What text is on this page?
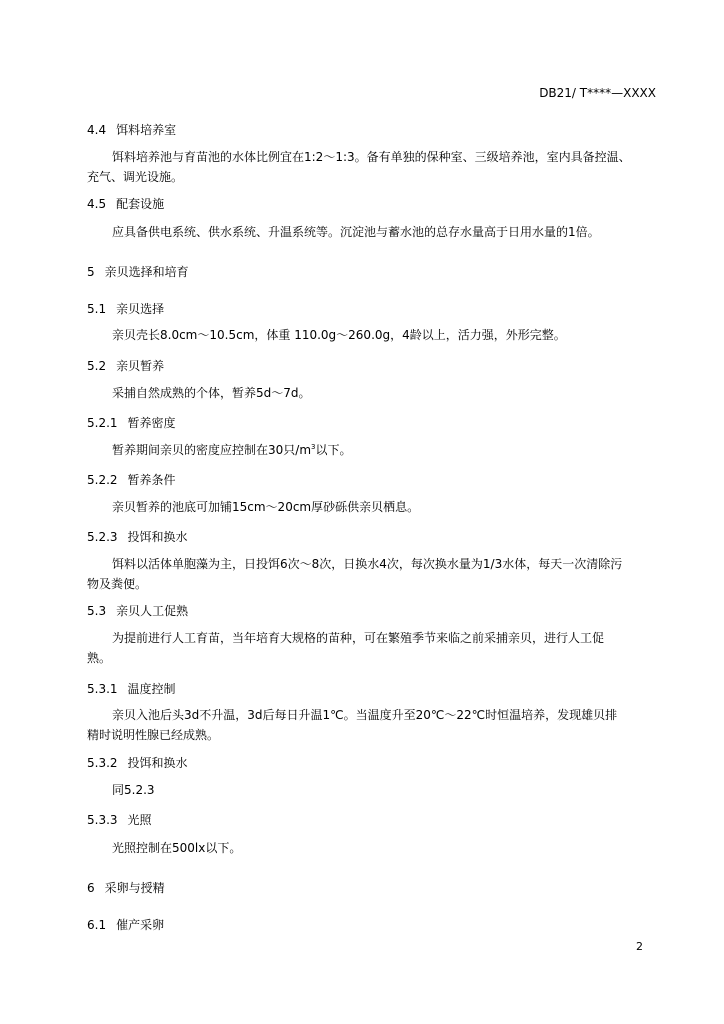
DB21/ T****—XXXX
4.4 饵料培养室
饵料培养池与育苗池的水体比例宜在1:2～1:3。备有单独的保种室、三级培养池，室内具备控温、
充气、调光设施。
4.5 配套设施
应具备供电系统、供水系统、升温系统等。沉淀池与蓄水池的总存水量高于日用水量的1倍。
5 亲贝选择和培育
5.1 亲贝选择
亲贝壳长8.0cm～10.5cm，体重 110.0g～260.0g，4龄以上，活力强，外形完整。
5.2 亲贝暂养
采捕自然成熟的个体，暂养5d～7d。
5.2.1 暂养密度
暂养期间亲贝的密度应控制在30只$/m^3$以下。
5.2.2 暂养条件
亲贝暂养的池底可加铺15cm～20cm厚砂砾供亲贝栖息。
5.2.3 投饵和换水
饵料以活体单胞藻为主，日投饵6次～8次，日换水4次，每次换水量为1/3水体，每天一次清除污
物及粪便。
5.3 亲贝人工促熟
为提前进行人工育苗，当年培育大规格的苗种，可在繁殖季节来临之前采捕亲贝，进行人工促
熟。
5.3.1 温度控制
亲贝入池后头3d不升温，3d后每日升温1℃。当温度升至20℃～22℃时恒温培养，发现雄贝排
精时说明性腺已经成熟。
5.3.2 投饵和换水
同5.2.3
5.3.3 光照
光照控制在500lx以下。
6 采卵与授精
6.1 催产采卵
2
